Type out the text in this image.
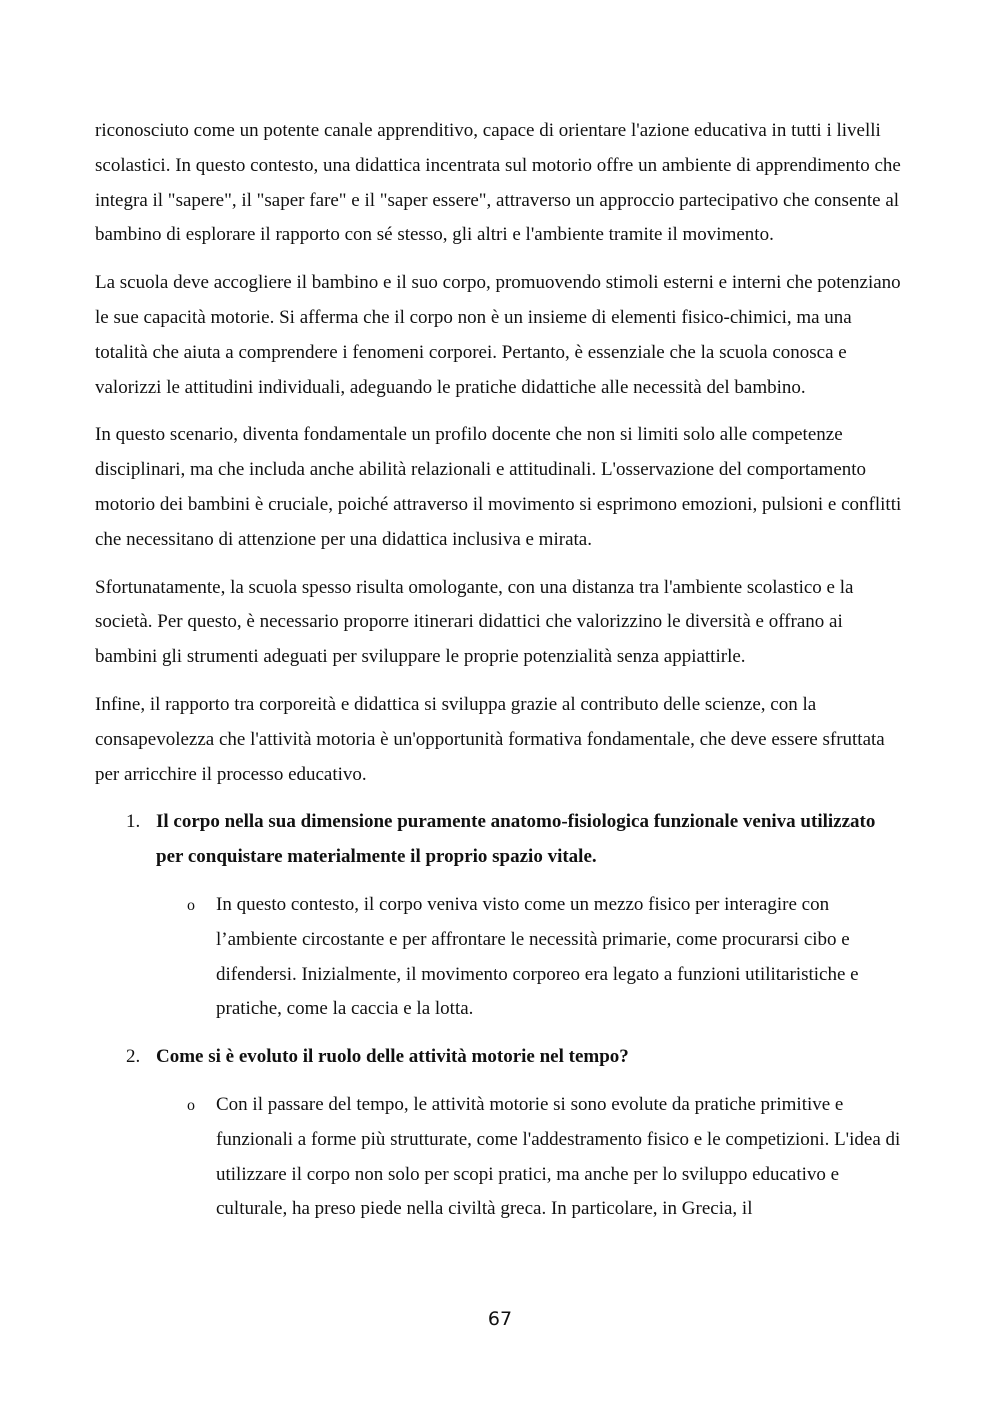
riconosciuto come un potente canale apprenditivo, capace di orientare l'azione educativa in tutti i livelli scolastici. In questo contesto, una didattica incentrata sul motorio offre un ambiente di apprendimento che integra il "sapere", il "saper fare" e il "saper essere", attraverso un approccio partecipativo che consente al bambino di esplorare il rapporto con sé stesso, gli altri e l'ambiente tramite il movimento.

La scuola deve accogliere il bambino e il suo corpo, promuovendo stimoli esterni e interni che potenziano le sue capacità motorie. Si afferma che il corpo non è un insieme di elementi fisico-chimici, ma una totalità che aiuta a comprendere i fenomeni corporei. Pertanto, è essenziale che la scuola conosca e valorizzi le attitudini individuali, adeguando le pratiche didattiche alle necessità del bambino.

In questo scenario, diventa fondamentale un profilo docente che non si limiti solo alle competenze disciplinari, ma che includa anche abilità relazionali e attitudinali. L'osservazione del comportamento motorio dei bambini è cruciale, poiché attraverso il movimento si esprimono emozioni, pulsioni e conflitti che necessitano di attenzione per una didattica inclusiva e mirata.

Sfortunatamente, la scuola spesso risulta omologante, con una distanza tra l'ambiente scolastico e la società. Per questo, è necessario proporre itinerari didattici che valorizzino le diversità e offrano ai bambini gli strumenti adeguati per sviluppare le proprie potenzialità senza appiattirle.

Infine, il rapporto tra corporeità e didattica si sviluppa grazie al contributo delle scienze, con la consapevolezza che l'attività motoria è un'opportunità formativa fondamentale, che deve essere sfruttata per arricchire il processo educativo.

1. Il corpo nella sua dimensione puramente anatomo-fisiologica funzionale veniva utilizzato per conquistare materialmente il proprio spazio vitale.

o In questo contesto, il corpo veniva visto come un mezzo fisico per interagire con l’ambiente circostante e per affrontare le necessità primarie, come procurarsi cibo e difendersi. Inizialmente, il movimento corporeo era legato a funzioni utilitaristiche e pratiche, come la caccia e la lotta.
2. Come si è evoluto il ruolo delle attività motorie nel tempo?

o Con il passare del tempo, le attività motorie si sono evolute da pratiche primitive e funzionali a forme più strutturate, come l'addestramento fisico e le competizioni. L'idea di utilizzare il corpo non solo per scopi pratici, ma anche per lo sviluppo educativo e culturale, ha preso piede nella civiltà greca. In particolare, in Grecia, il
67
